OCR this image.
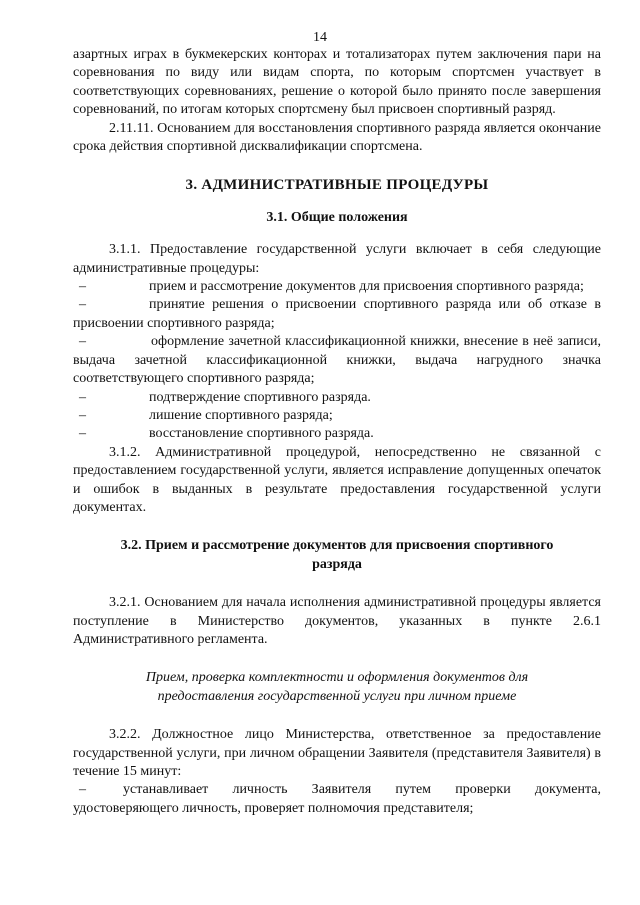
14

азартных играх в букмекерских конторах и тотализаторах путем заключения пари на соревнования по виду или видам спорта, по которым спортсмен участвует в соответствующих соревнованиях, решение о которой было принято после завершения соревнований, по итогам которых спортсмену был присвоен спортивный разряд.

2.11.11. Основанием для восстановления спортивного разряда является окончание срока действия спортивной дисквалификации спортсмена.

3. АДМИНИСТРАТИВНЫЕ ПРОЦЕДУРЫ

3.1. Общие положения

3.1.1. Предоставление государственной услуги включает в себя следующие административные процедуры:

–	прием и рассмотрение документов для присвоения спортивного разряда;

–	принятие решения о присвоении спортивного разряда или об отказе в присвоении спортивного разряда;

–	оформление зачетной классификационной книжки, внесение в неё записи, выдача зачетной классификационной книжки, выдача нагрудного значка соответствующего спортивного разряда;

–	подтверждение спортивного разряда.

–	лишение спортивного разряда;

–	восстановление спортивного разряда.

3.1.2. Административной процедурой, непосредственно не связанной с предоставлением государственной услуги, является исправление допущенных опечаток и ошибок в выданных в результате предоставления государственной услуги документах.

3.2. Прием и рассмотрение документов для присвоения спортивного

разряда

3.2.1. Основанием для начала исполнения административной процедуры является поступление в Министерство документов, указанных в пункте 2.6.1 Административного регламента.

Прием, проверка комплектности и оформления документов для

предоставления государственной услуги при личном приеме

3.2.2. Должностное лицо Министерства, ответственное за предоставление государственной услуги, при личном обращении Заявителя (представителя Заявителя) в течение 15 минут:

–	устанавливает личность Заявителя путем проверки документа, удостоверяющего личность, проверяет полномочия представителя;
